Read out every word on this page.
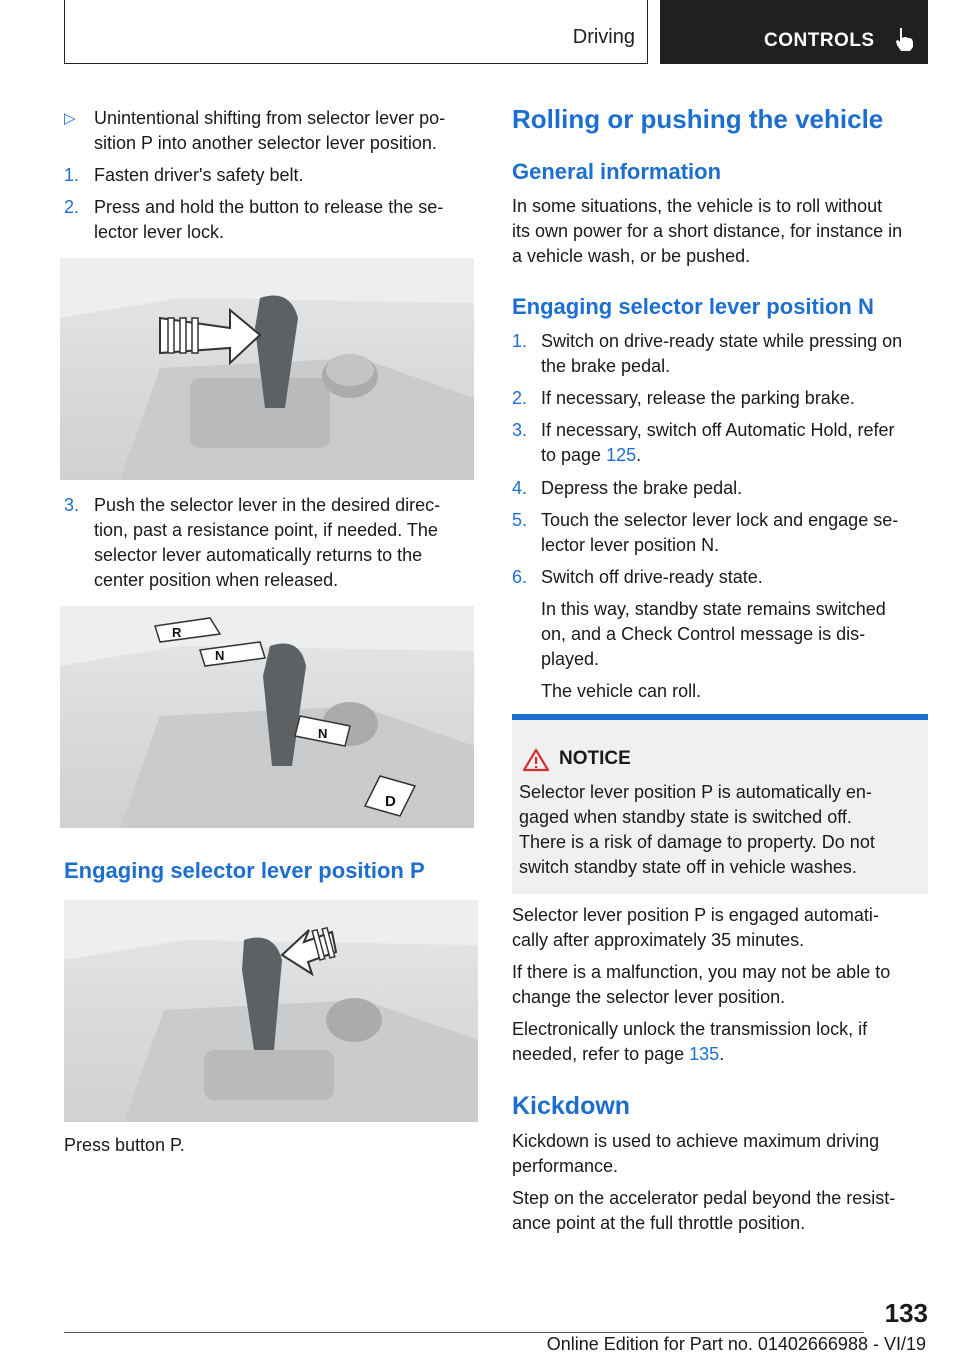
Driving	CONTROLS
▷ Unintentional shifting from selector lever po-

sition P into another selector lever position.

1. Fasten driver's safety belt.

2. Press and hold the button to release the se-

lector lever lock.

3. Push the selector lever in the desired direc-

tion, past a resistance point, if needed. The

selector lever automatically returns to the

center position when released.

R
N
N
D
Engaging selector lever position P

Press button P.

Rolling or pushing the vehicle
General information

In some situations, the vehicle is to roll without

its own power for a short distance, for instance in

a vehicle wash, or be pushed.

Engaging selector lever position N
1. Switch on drive-ready state while pressing on

the brake pedal.

2. If necessary, release the parking brake.

3. If necessary, switch off Automatic Hold, refer

to page 125.

4. Depress the brake pedal.

5. Touch the selector lever lock and engage se-

lector lever position N.

6. Switch off drive-ready state.

In this way, standby state remains switched

on, and a Check Control message is dis-

played.

The vehicle can roll.

NOTICE

Selector lever position P is automatically en-

gaged when standby state is switched off.

There is a risk of damage to property. Do not

switch standby state off in vehicle washes.

Selector lever position P is engaged automati-

cally after approximately 35 minutes.

If there is a malfunction, you may not be able to

change the selector lever position.

Electronically unlock the transmission lock, if

needed, refer to page 135.

Kickdown

Kickdown is used to achieve maximum driving

performance.

Step on the accelerator pedal beyond the resist-

ance point at the full throttle position.

133
Online Edition for Part no. 01402666988 - VI/19
